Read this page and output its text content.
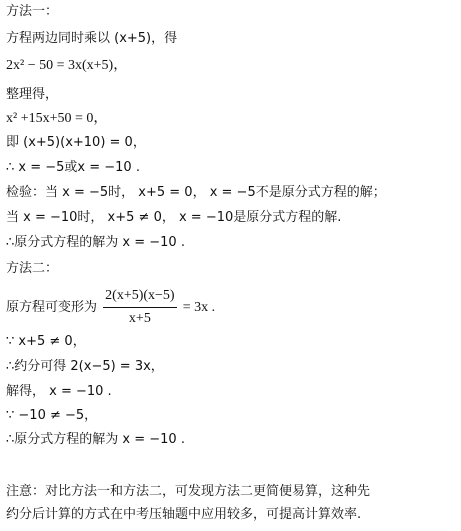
方法一：
方程两边同时乘以 (x+5)，得
2x² − 50 = 3x(x+5)，
整理得，
x² +15x+50 = 0，
即 (x+5)(x+10) = 0，
∴ x = −5或x = −10 .
检验：当 x = −5时， x+5 = 0， x = −5不是原分式方程的解；
当 x = −10时， x+5 ≠ 0， x = −10是原分式方程的解.
∴原分式方程的解为 x = −10 .
方法二：
原方程可变形为 $\frac{2(x+5)(x-5)}{x+5} = 3x$ .
∵ x+5 ≠ 0，
∴约分可得 2(x−5) = 3x，
解得， x = −10 .
∵ −10 ≠ −5，
∴原分式方程的解为 x = −10 .
注意：对比方法一和方法二，可发现方法二更简便易算，这种先
约分后计算的方式在中考压轴题中应用较多，可提高计算效率.
